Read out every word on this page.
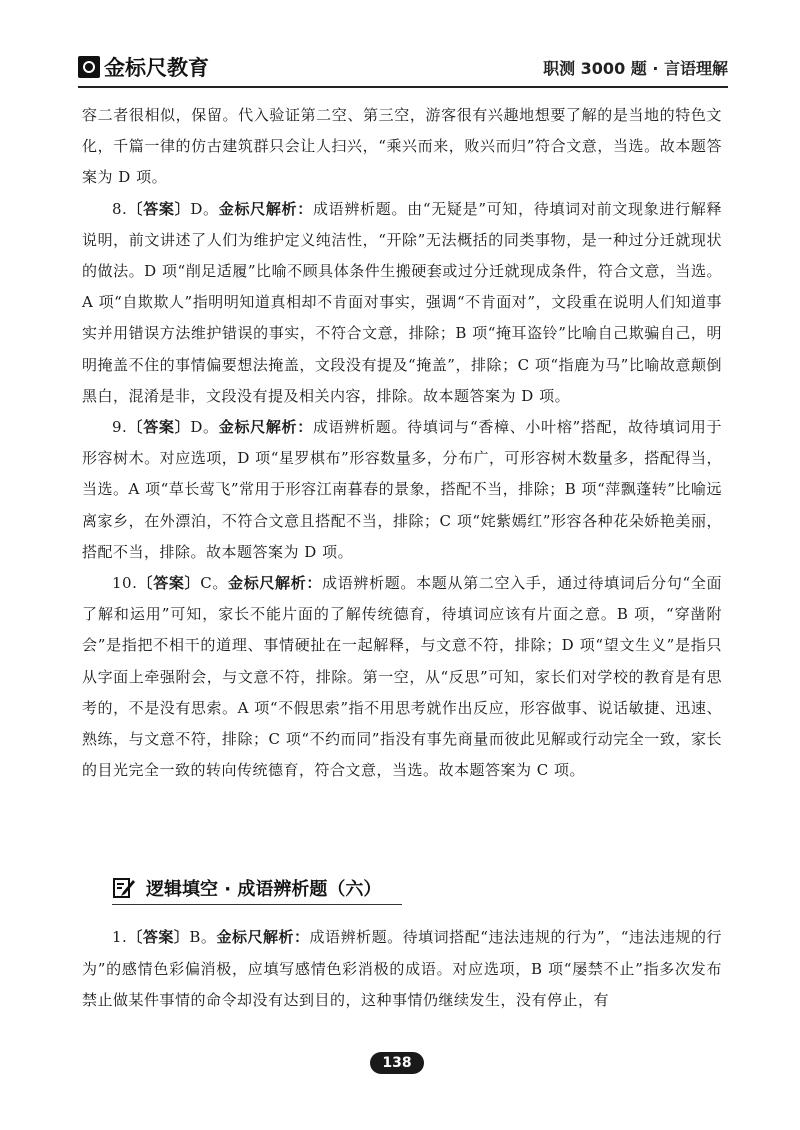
金标尺教育	职测 3000 题 · 言语理解

容二者很相似，保留。代入验证第二空、第三空，游客很有兴趣地想要了解的是当地的特色文化，千篇一律的仿古建筑群只会让人扫兴，“乘兴而来，败兴而归”符合文意，当选。故本题答案为 D 项。

8.〔答案〕D。金标尺解析：成语辨析题。由“无疑是”可知，待填词对前文现象进行解释说明，前文讲述了人们为维护定义纯洁性，“开除”无法概括的同类事物，是一种过分迁就现状的做法。D 项“削足适履”比喻不顾具体条件生搬硬套或过分迁就现成条件，符合文意，当选。A 项“自欺欺人”指明明知道真相却不肯面对事实，强调“不肯面对”，文段重在说明人们知道事实并用错误方法维护错误的事实，不符合文意，排除；B 项“掩耳盗铃”比喻自己欺骗自己，明明掩盖不住的事情偏要想法掩盖，文段没有提及“掩盖”，排除；C 项“指鹿为马”比喻故意颠倒黑白，混淆是非，文段没有提及相关内容，排除。故本题答案为 D 项。

9.〔答案〕D。金标尺解析：成语辨析题。待填词与“香樟、小叶榕”搭配，故待填词用于形容树木。对应选项，D 项“星罗棋布”形容数量多，分布广，可形容树木数量多，搭配得当，当选。A 项“草长莺飞”常用于形容江南暮春的景象，搭配不当，排除；B 项“萍飘蓬转”比喻远离家乡，在外漂泊，不符合文意且搭配不当，排除；C 项“姹紫嫣红”形容各种花朵娇艳美丽，搭配不当，排除。故本题答案为 D 项。

10.〔答案〕C。金标尺解析：成语辨析题。本题从第二空入手，通过待填词后分句“全面了解和运用”可知，家长不能片面的了解传统德育，待填词应该有片面之意。B 项，“穿凿附会”是指把不相干的道理、事情硬扯在一起解释，与文意不符，排除；D 项“望文生义”是指只从字面上牵强附会，与文意不符，排除。第一空，从“反思”可知，家长们对学校的教育是有思考的，不是没有思索。A 项“不假思索”指不用思考就作出反应，形容做事、说话敏捷、迅速、熟练，与文意不符，排除；C 项“不约而同”指没有事先商量而彼此见解或行动完全一致，家长的目光完全一致的转向传统德育，符合文意，当选。故本题答案为 C 项。

逻辑填空 · 成语辨析题（六）

1.〔答案〕B。金标尺解析：成语辨析题。待填词搭配“违法违规的行为”，“违法违规的行为”的感情色彩偏消极，应填写感情色彩消极的成语。对应选项，B 项“屡禁不止”指多次发布禁止做某件事情的命令却没有达到目的，这种事情仍继续发生，没有停止，有

138
